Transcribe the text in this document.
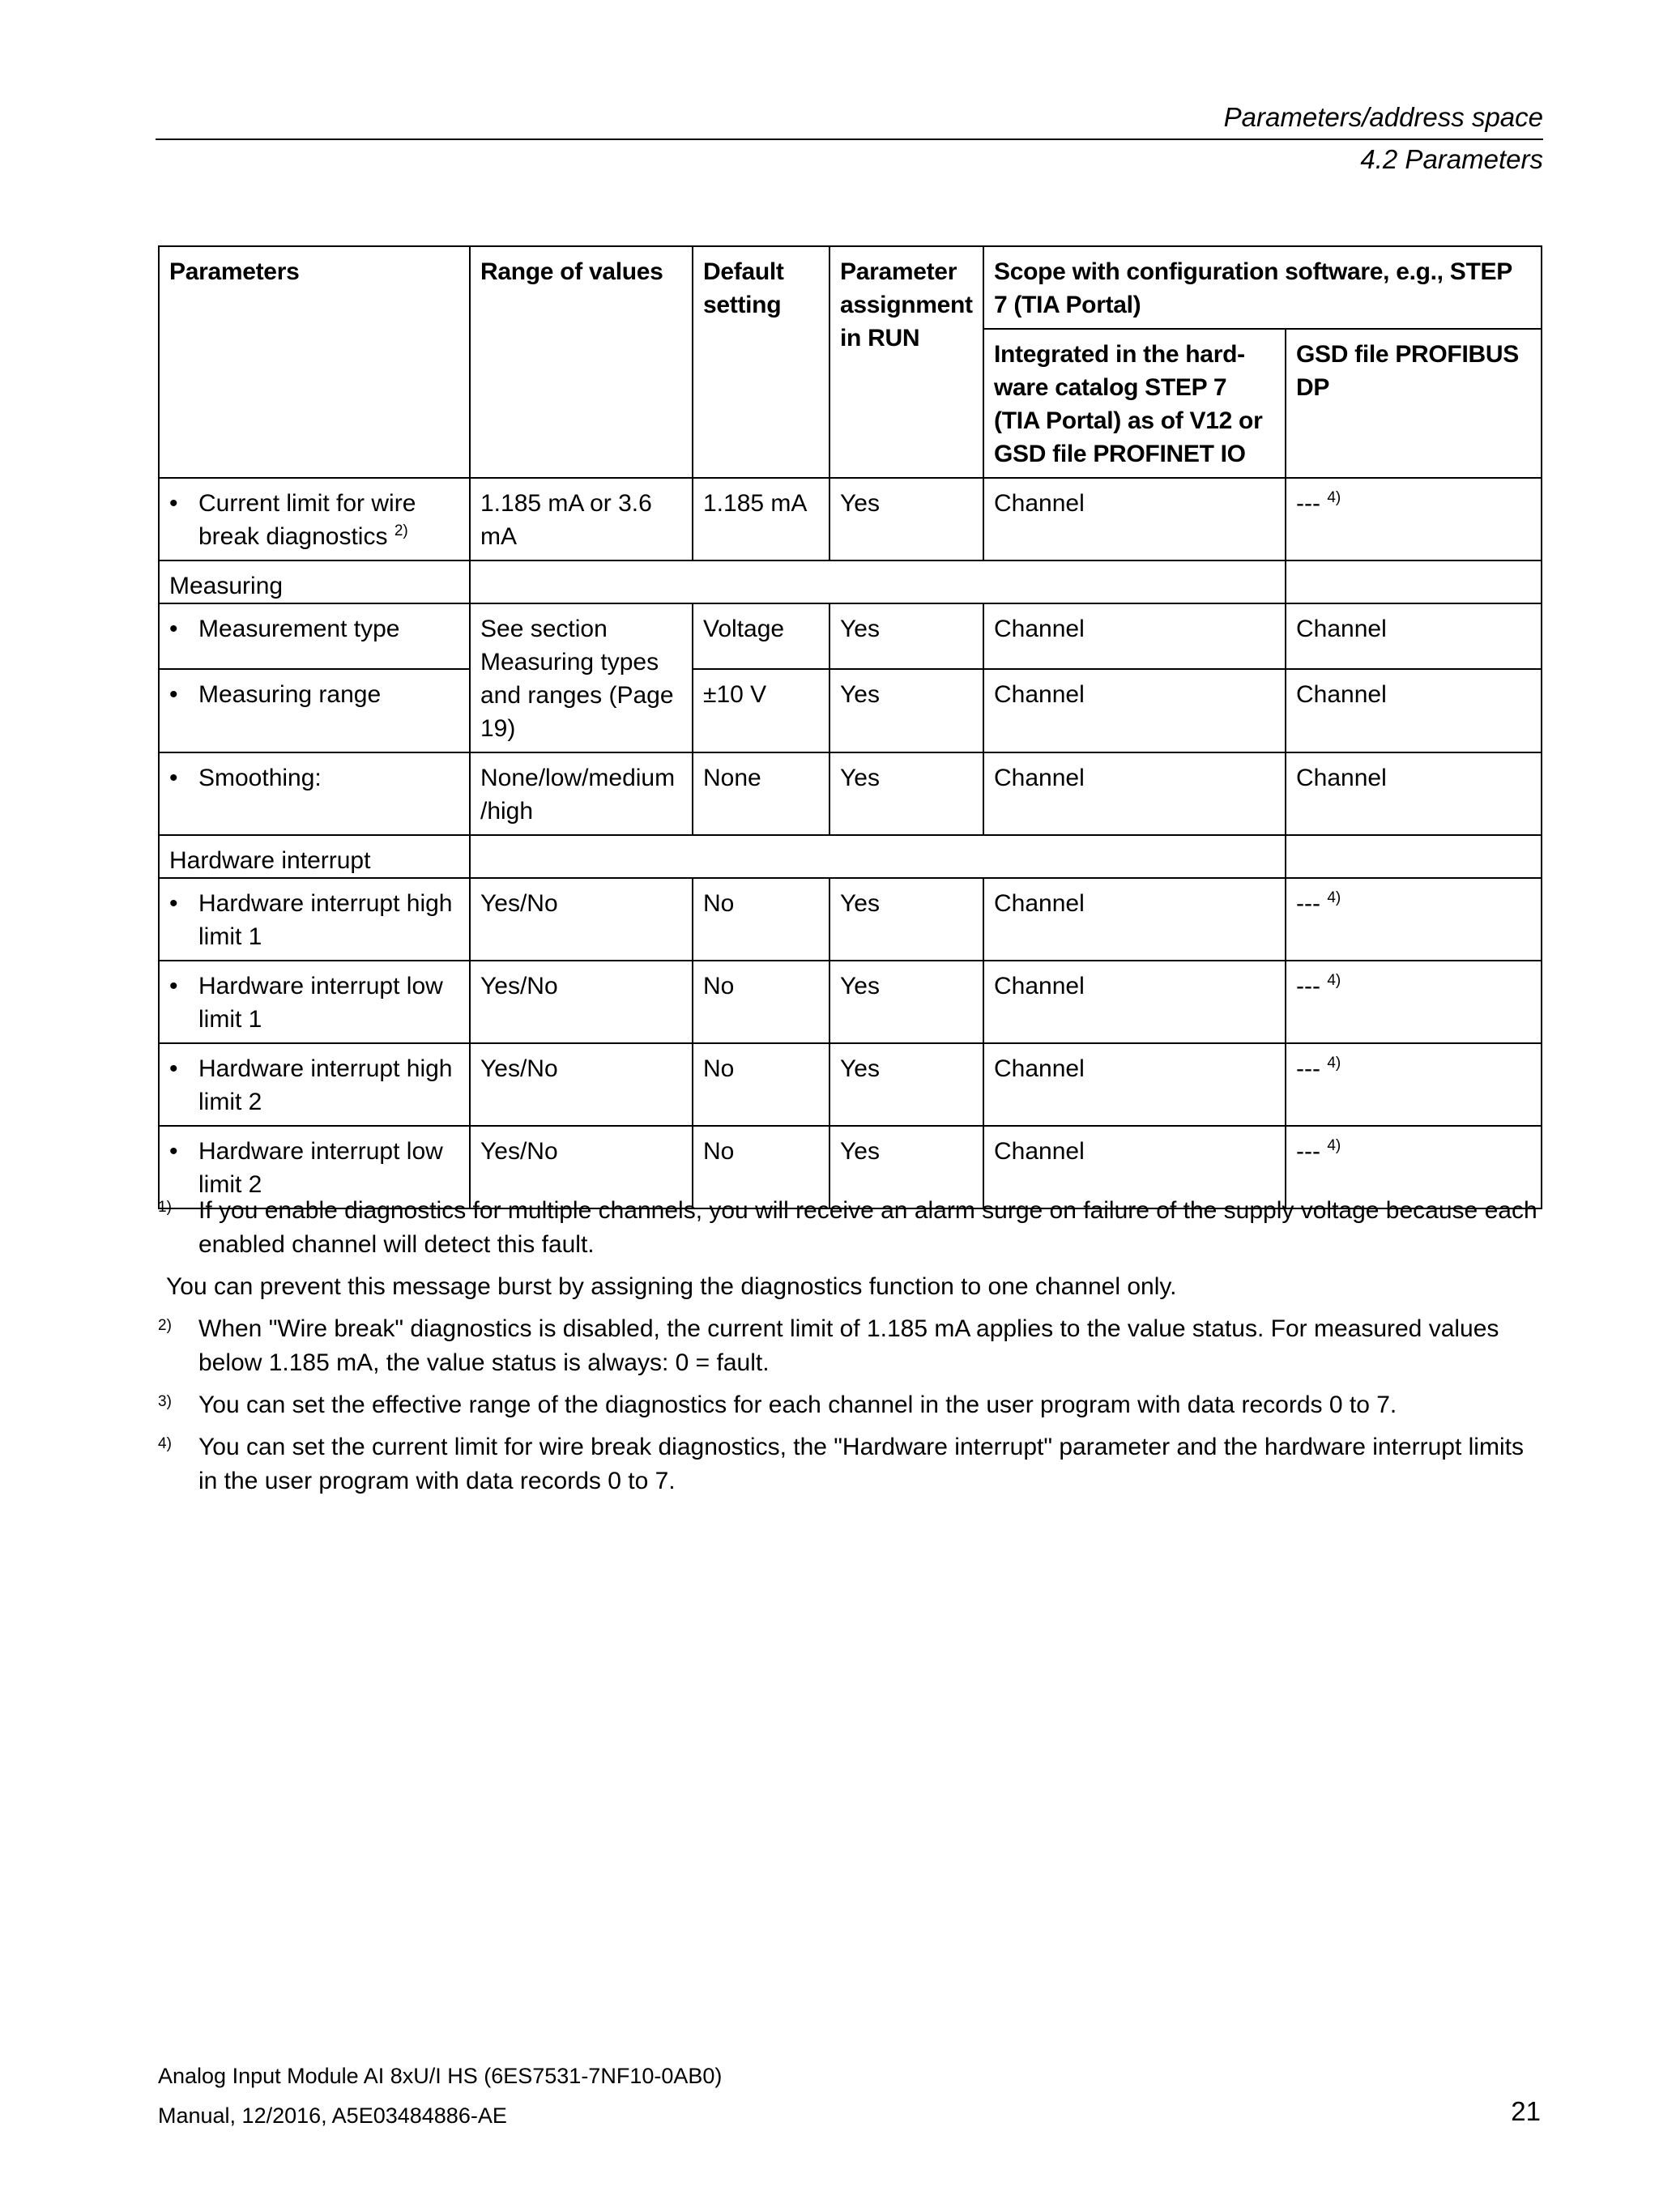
Parameters/address space
4.2 Parameters
Parameters	Range of values	Default setting	Parameter assignment in RUN	Scope with configuration software, e.g., STEP 7 (TIA Portal)	
				Integrated in the hard-ware catalog STEP 7 (TIA Portal) as of V12 or GSD file PROFINET IO	GSD file PROFIBUS DP
• Current limit for wire break diagnostics $^{2)}$	1.185 mA or 3.6 mA	1.185 mA	Yes	Channel	--- $^{4)}$
Measuring					
• Measurement type	See section Measuring types and ranges (Page 19)	Voltage	Yes	Channel	Channel
• Measuring range		±10 V	Yes	Channel	Channel
• Smoothing:	None/low/medium /high	None	Yes	Channel	Channel
Hardware interrupt					
• Hardware interrupt high limit 1	Yes/No	No	Yes	Channel	--- $^{4)}$
• Hardware interrupt low limit 1	Yes/No	No	Yes	Channel	--- $^{4)}$
• Hardware interrupt high limit 2	Yes/No	No	Yes	Channel	--- $^{4)}$
• Hardware interrupt low limit 2	Yes/No	No	Yes	Channel	--- $^{4)}$
1) If you enable diagnostics for multiple channels, you will receive an alarm surge on failure of the supply voltage because each enabled channel will detect this fault.
You can prevent this message burst by assigning the diagnostics function to one channel only.
2) When "Wire break" diagnostics is disabled, the current limit of 1.185 mA applies to the value status. For measured values below 1.185 mA, the value status is always: 0 = fault.
3) You can set the effective range of the diagnostics for each channel in the user program with data records 0 to 7.
4) You can set the current limit for wire break diagnostics, the "Hardware interrupt" parameter and the hardware interrupt limits in the user program with data records 0 to 7.
Analog Input Module AI 8xU/I HS (6ES7531-7NF10-0AB0)
Manual, 12/2016, A5E03484886-AE	21
